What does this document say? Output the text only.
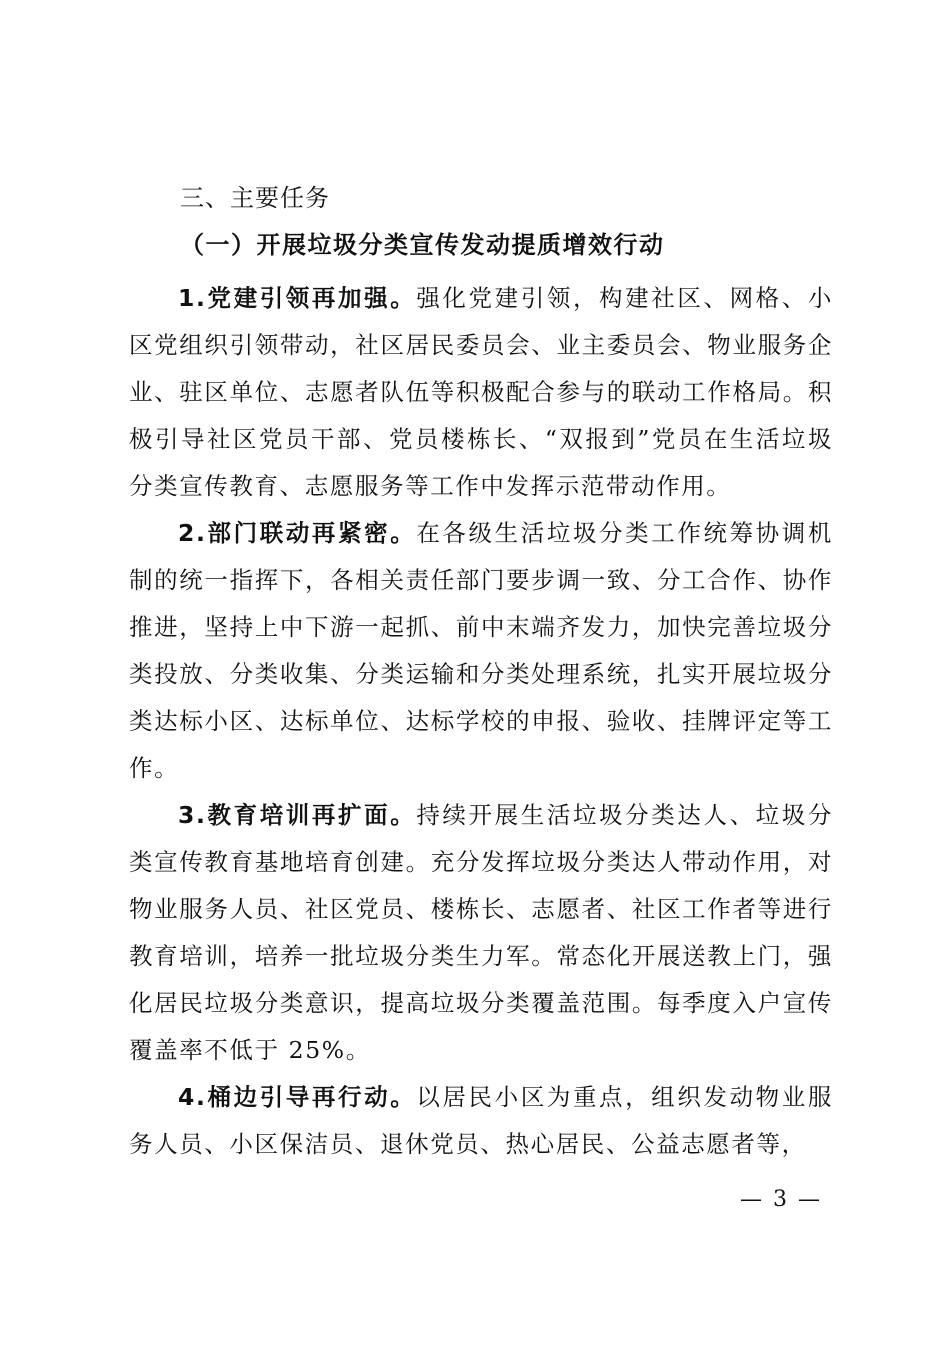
三、主要任务
（一）开展垃圾分类宣传发动提质增效行动

1.党建引领再加强。强化党建引领，构建社区、网格、小区党组织引领带动，社区居民委员会、业主委员会、物业服务企业、驻区单位、志愿者队伍等积极配合参与的联动工作格局。积极引导社区党员干部、党员楼栋长、“双报到”党员在生活垃圾分类宣传教育、志愿服务等工作中发挥示范带动作用。

2.部门联动再紧密。在各级生活垃圾分类工作统筹协调机制的统一指挥下，各相关责任部门要步调一致、分工合作、协作推进，坚持上中下游一起抓、前中末端齐发力，加快完善垃圾分类投放、分类收集、分类运输和分类处理系统，扎实开展垃圾分类达标小区、达标单位、达标学校的申报、验收、挂牌评定等工作。

3.教育培训再扩面。持续开展生活垃圾分类达人、垃圾分类宣传教育基地培育创建。充分发挥垃圾分类达人带动作用，对物业服务人员、社区党员、楼栋长、志愿者、社区工作者等进行教育培训，培养一批垃圾分类生力军。常态化开展送教上门，强化居民垃圾分类意识，提高垃圾分类覆盖范围。每季度入户宣传覆盖率不低于 25%。

4.桶边引导再行动。以居民小区为重点，组织发动物业服务人员、小区保洁员、退休党员、热心居民、公益志愿者等，

— 3 —
